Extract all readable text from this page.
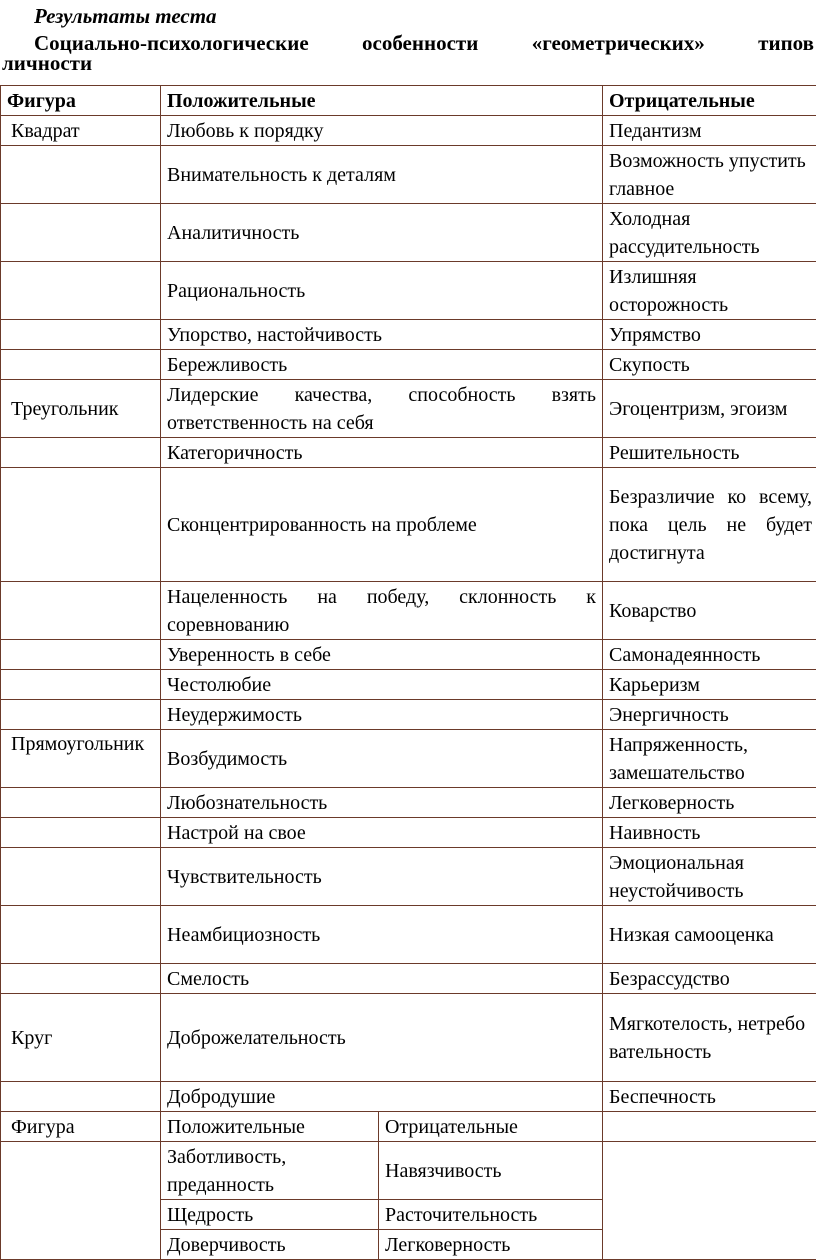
Результаты теста
Социально-психологические	особенности	«геометрических»	типов
личности
Фигура	Положительные		Отрицательные
Квадрат	Любовь к порядку		Педантизм
	Внимательность к деталям		Возможность упустить главное
	Аналитичность		Холодная рассудительность
	Рациональность		Излишняя осторожность
	Упорство, настойчивость		Упрямство
	Бережливость		Скупость
Треугольник	Лидерские качества, способность взять ответственность на себя		Эгоцентризм, эгоизм
	Категоричность		Решительность
	Сконцентрированность на проблеме		Безразличие ко всему, пока цель не будет достигнута
	Нацеленность на победу, склонность к соревнованию		Коварство
	Уверенность в себе		Самонадеянность
	Честолюбие		Карьеризм
	Неудержимость		Энергичность
Прямоугольник	Возбудимость		Напряженность, замешательство
	Любознательность		Легковерность
	Настрой на свое		Наивность
	Чувствительность		Эмоциональная неустойчивость
	Неамбициозность		Низкая самооценка
	Смелость		Безрассудство
Круг	Доброжелательность		Мягкотелость, нетребовательность
	Добродушие		Беспечность
Фигура	Положительные	Отрицательные	
	Заботливость, преданность	Навязчивость	
	Щедрость	Расточительность	
	Доверчивость	Легковерность	
